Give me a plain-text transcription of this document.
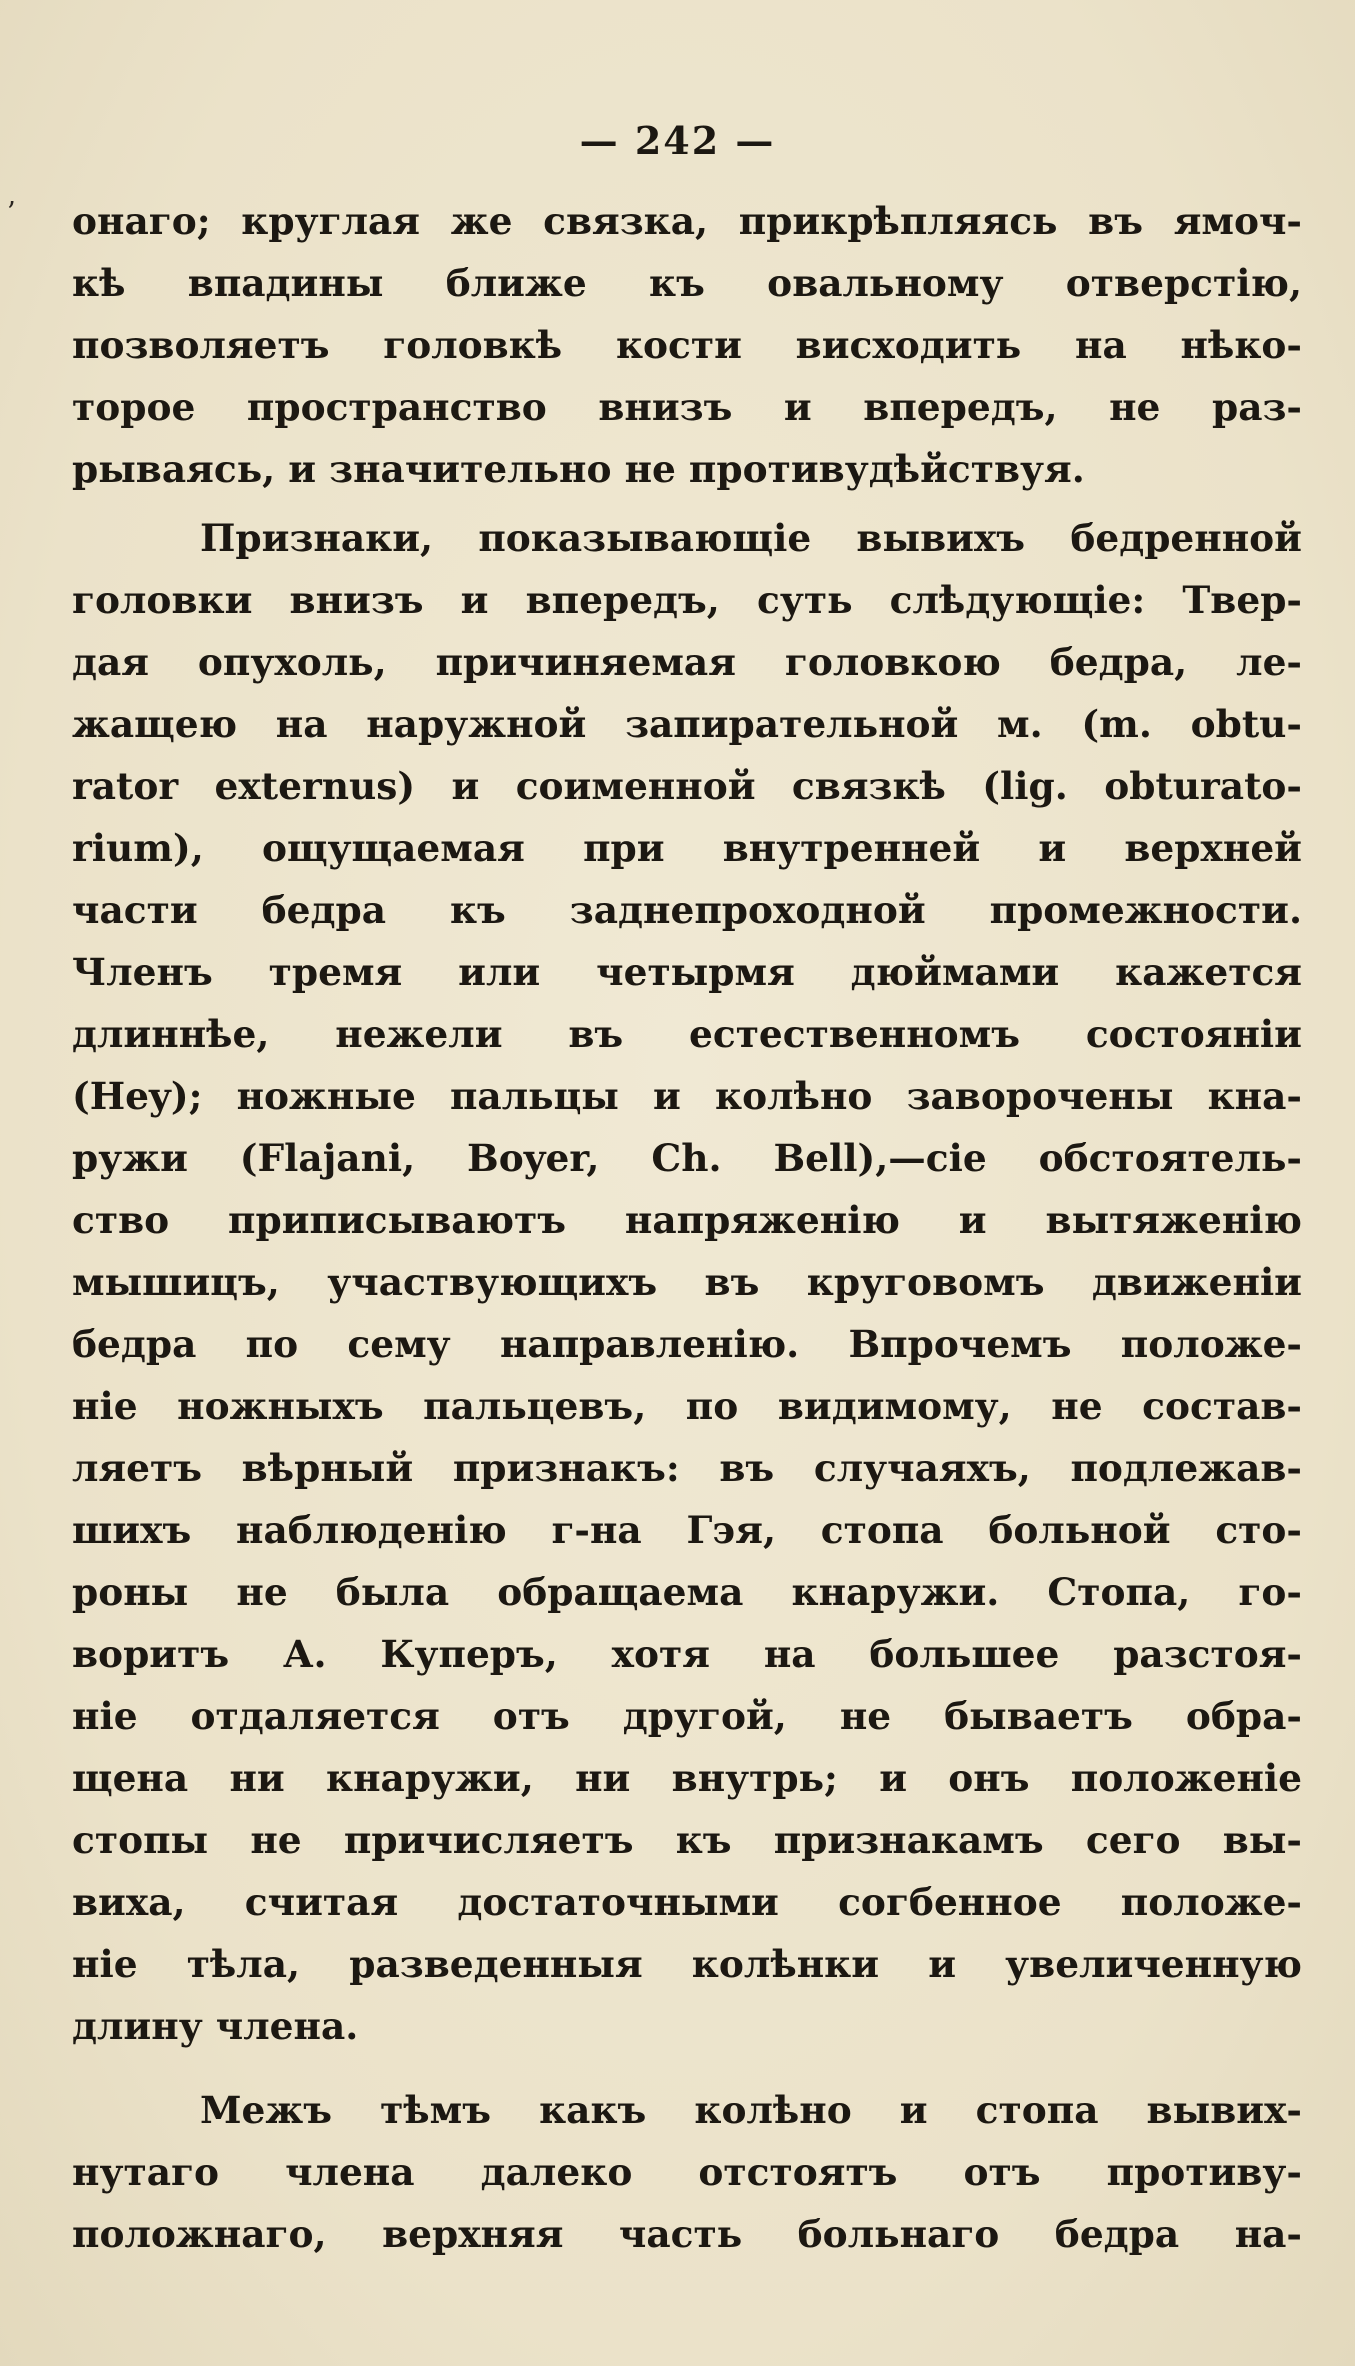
— 242 —
ʼ онаго; круглая же связка, прикрѣпляясь въ ямоч-
кѣ впадины ближе къ овальному отверстію,
позволяетъ головкѣ кости висходить на нѣко-
торое пространство внизъ и впередъ, не раз-
рываясь, и значительно не противудѣйствуя.
Признаки, показывающіе вывихъ бедренной
головки внизъ и впередъ, суть слѣдующіе: Твер-
дая опухоль, причиняемая головкою бедра, ле-
жащею на наружной запирательной м. (m. obtu-
rator externus) и соименной связкѣ (lig. obturato-
rium), ощущаемая при внутренней и верхней
части бедра къ заднепроходной промежности.
Членъ тремя или четырмя дюймами кажется
длиннѣе, нежели въ естественномъ состояніи
(Hey); ножные пальцы и колѣно заворочены кна-
ружи (Flajani, Boyer, Ch. Bell),—сіе обстоятель-
ство приписываютъ напряженію и вытяженію
мышицъ, участвующихъ въ круговомъ движеніи
бедра по сему направленію. Впрочемъ положе-
ніе ножныхъ пальцевъ, по видимому, не состав-
ляетъ вѣрный признакъ: въ случаяхъ, подлежав-
шихъ наблюденію г-на Гэя, стопа больной сто-
роны не была обращаема кнаружи. Стопа, го-
воритъ А. Куперъ, хотя на большее разстоя-
ніе отдаляется отъ другой, не бываетъ обра-
щена ни кнаружи, ни внутрь; и онъ положеніе
стопы не причисляетъ къ признакамъ сего вы-
виха, считая достаточными согбенное положе-
ніе тѣла, разведенныя колѣнки и увеличенную
длину члена.
Межъ тѣмъ какъ колѣно и стопа вывих-
нутаго члена далеко отстоятъ отъ противу-
положнаго, верхняя часть больнаго бедра на-
